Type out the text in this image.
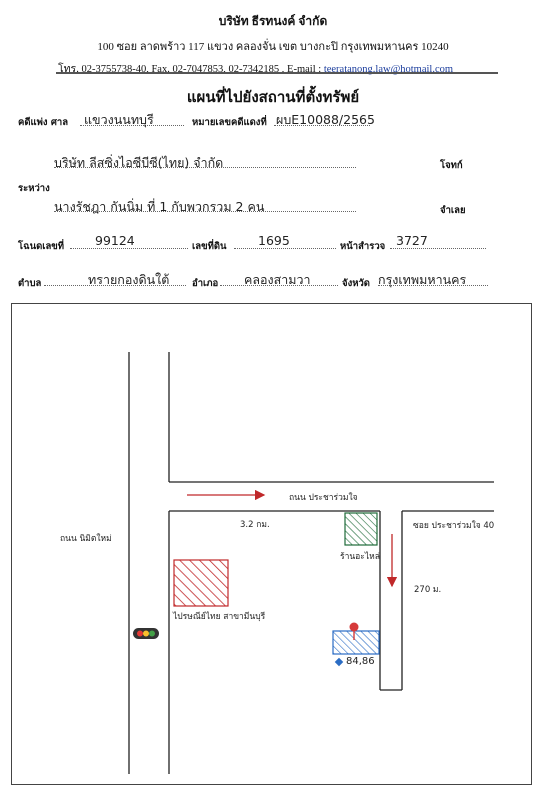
บริษัท ธีรทนงค์ จำกัด
100 ซอย ลาดพร้าว 117 แขวง คลองจั่น เขต บางกะปิ กรุงเทพมหานคร 10240
โทร. 02-3755738-40, Fax. 02-7047853, 02-7342185 , E-mail : teeratanong.law@hotmail.com
แผนที่ไปยังสถานที่ตั้งทรัพย์
คดีแพ่ง ศาล แขวงนนทบุรี	หมายเลขคดีแดงที่ ผบE10088/2565
บริษัท ลีสซิ่งไอซีบีซี(ไทย) จำกัด	โจทก์
ระหว่าง
นางรัชฎา กันนิ่ม ที่ 1 กับพวกรวม 2 คน	จำเลย
โฉนดเลขที่ 99124	เลขที่ดิน	1695	หน้าสำรวจ 3727
ตำบล	ทรายกองดินใต้ อำเภอ คลองสามวา	จังหวัด กรุงเทพมหานคร
ถนน ประชาร่วมใจ
ถนน นิมิตใหม่
ซอย ประชาร่วมใจ 40
3.2 กม.
270 ม.
ร้านอะไหล่
ไปรษณีย์ไทย สาขามีนบุรี
84,86
